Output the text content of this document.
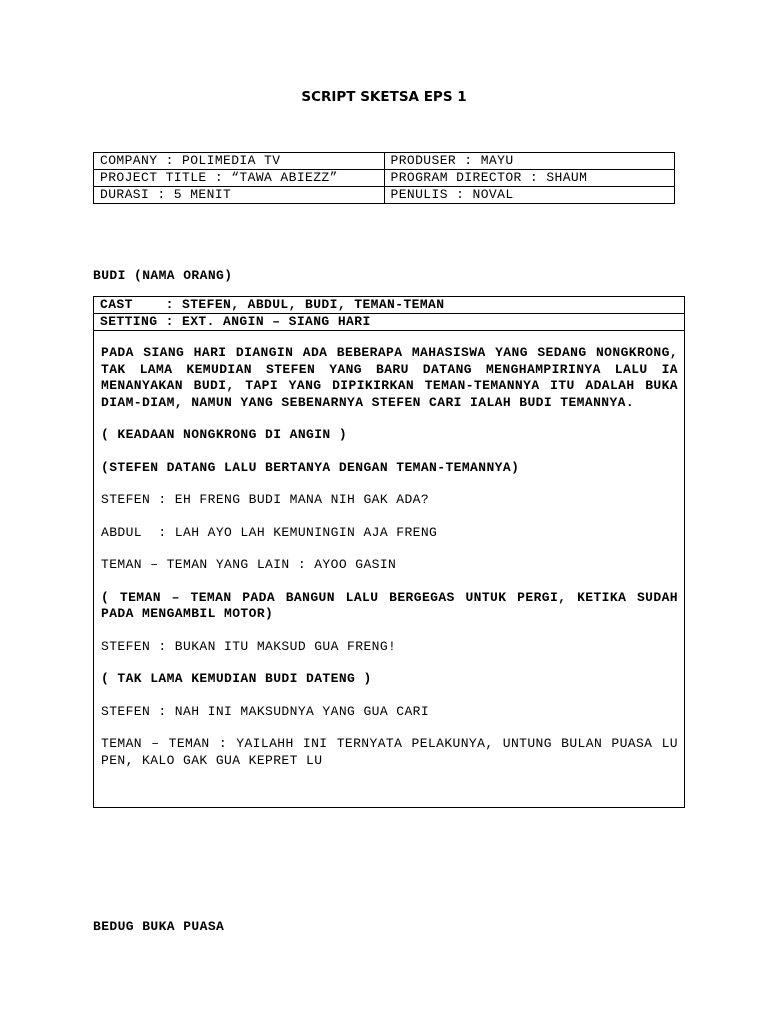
SCRIPT SKETSA EPS 1
COMPANY : POLIMEDIA TV	PRODUSER : MAYU
PROJECT TITLE : “TAWA ABIEZZ”	PROGRAM DIRECTOR : SHAUM
DURASI : 5 MENIT	PENULIS : NOVAL
BUDI (NAMA ORANG)
CAST    : STEFEN, ABDUL, BUDI, TEMAN-TEMAN
SETTING : EXT. ANGIN – SIANG HARI

PADA SIANG HARI DIANGIN ADA BEBERAPA MAHASISWA YANG SEDANG NONGKRONG, TAK LAMA KEMUDIAN STEFEN YANG BARU DATANG MENGHAMPIRINYA LALU IA MENANYAKAN BUDI, TAPI YANG DIPIKIRKAN TEMAN-TEMANNYA ITU ADALAH BUKA DIAM-DIAM, NAMUN YANG SEBENARNYA STEFEN CARI IALAH BUDI TEMANNYA.

( KEADAAN NONGKRONG DI ANGIN )

(STEFEN DATANG LALU BERTANYA DENGAN TEMAN-TEMANNYA)

STEFEN : EH FRENG BUDI MANA NIH GAK ADA?

ABDUL  : LAH AYO LAH KEMUNINGIN AJA FRENG

TEMAN – TEMAN YANG LAIN : AYOO GASIN

( TEMAN – TEMAN PADA BANGUN LALU BERGEGAS UNTUK PERGI, KETIKA SUDAH PADA MENGAMBIL MOTOR)

STEFEN : BUKAN ITU MAKSUD GUA FRENG!

( TAK LAMA KEMUDIAN BUDI DATENG )

STEFEN : NAH INI MAKSUDNYA YANG GUA CARI

TEMAN – TEMAN : YAILAHH INI TERNYATA PELAKUNYA, UNTUNG BULAN PUASA LU PEN, KALO GAK GUA KEPRET LU

BEDUG BUKA PUASA
